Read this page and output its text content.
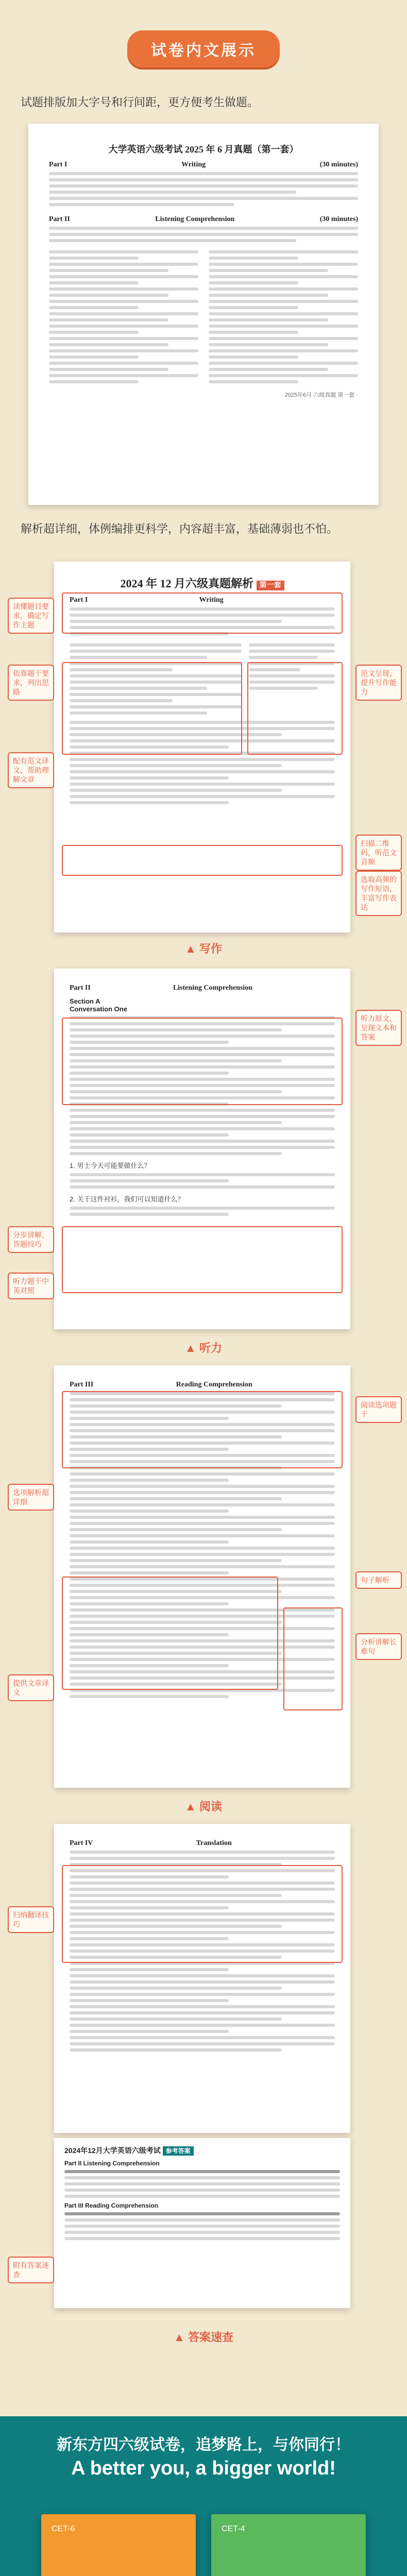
试卷内文展示
试题排版加大字号和行间距，更方便考生做题。
大学英语六级考试 2025 年 6 月真题（第一套）
Part I	Writing	(30 minutes)
Part II	Listening Comprehension	(30 minutes)
· 2025年6月 六级真题 第一套 ·
解析超详细，体例编排更科学，内容超丰富，基础薄弱也不怕。
2024 年 12 月六级真题解析 第一套
Part I	Writing
读懂题目要求，确定写作主题
依靠题干要求，列出思路
配有范文译文，帮助理解文章
范文呈现，提升写作能力
扫描二维码，听范文音频
选取高频的写作短语，丰富写作表达
▲ 写作
Part II	Listening Comprehension
Section A
Conversation One
1. 男士今天可能要做什么？
2. 关于这件衬衫，我们可以知道什么？
听力原文，呈现文本和答案
分步讲解，答题技巧
听力题干中英对照
▲ 听力
Part III	Reading Comprehension
阅读选项题干
选项解析超详细
句子解析
分析讲解长难句
提供文章译文
▲ 阅读
Part IV	Translation
归纳翻译技巧
2024年12月大学英语六级考试 参考答案
Part II Listening Comprehension
Part III Reading Comprehension
附有答案速查
▲ 答案速查
新东方四六级试卷，追梦路上，与你同行！
A better you, a bigger world!
CET-6	CET-4
